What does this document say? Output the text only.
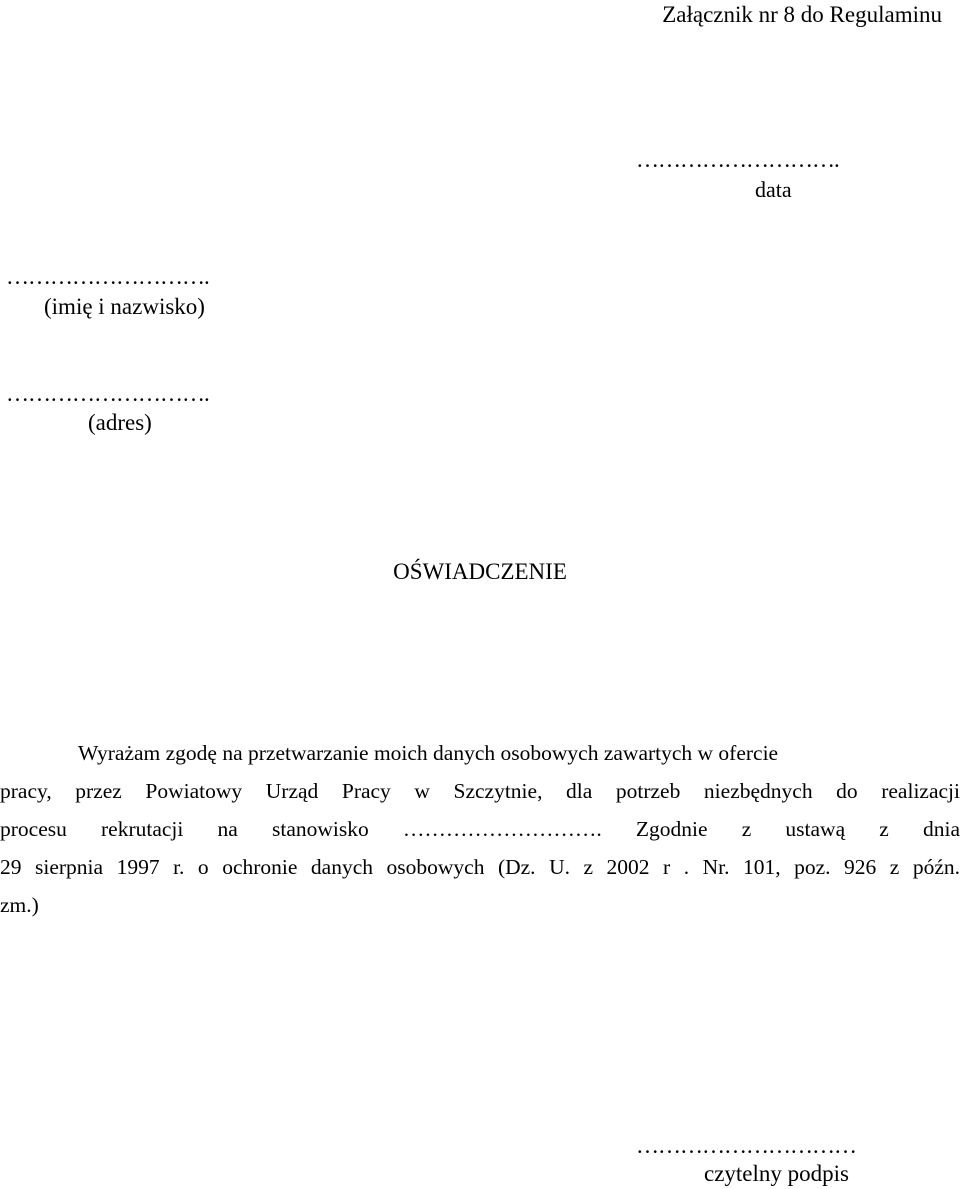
Załącznik nr 8 do Regulaminu
……………………….
data
……………………….
(imię i nazwisko)
……………………….
(adres)
OŚWIADCZENIE
Wyrażam zgodę na przetwarzanie moich danych osobowych zawartych w ofercie
pracy, przez Powiatowy Urząd Pracy w Szczytnie, dla potrzeb niezbędnych do realizacji
procesu rekrutacji na stanowisko ………………………. Zgodnie z ustawą z dnia
29 sierpnia 1997 r. o ochronie danych osobowych (Dz. U. z 2002 r . Nr. 101, poz. 926 z późn.
zm.)
…………………………
czytelny podpis
